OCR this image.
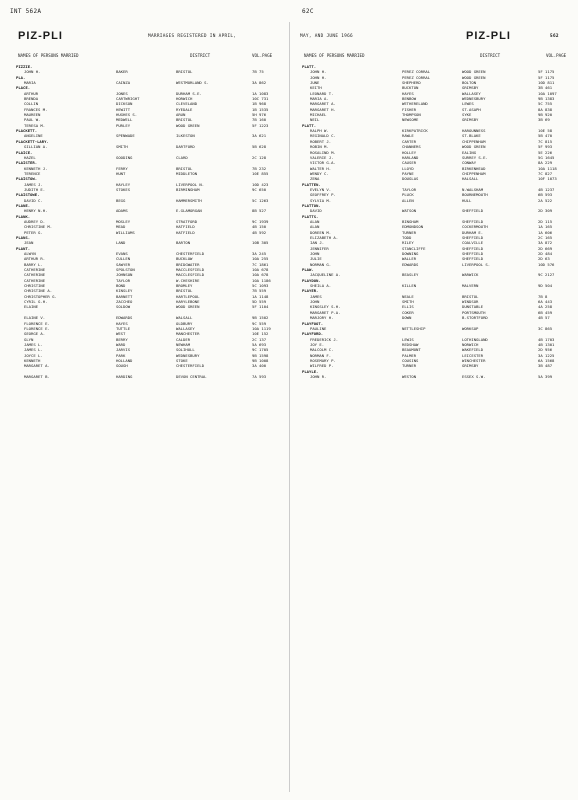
INT 562A	62C
PIZ-PLI	MARRIAGES REGISTERED IN APRIL,	MAY, AND JUNE 1966	PIZ-PLI	562
NAMES OF PERSONS MARRIED	DISTRICT	VOL.PAGE	NAMES OF PERSONS MARRIED	DISTRICT	VOL.PAGE
PIZZIE.
JOHN H.	BAKER	BRISTOL	7B 75
PLA.
MARIA	CAINZA	WESTMORLAND S.	3A 862
PLACE.
ARTHUR	JONES	DURHAM S.E.	1A 1083
BRENDA	CARTWRIGHT	HORWICH	10C 731
COLLIN	DICKSON	CLEVELAND	1B 968
FRANCES M.	HEWITT	RYEDALE	1B 1535
MAUREEN	HUGHES S.	ARUN	5H 976
PAUL W.	MEDWELL	BRISTOL	7B 160
TERESA M.	PURLEY	WOOD GREEN	5F 1223
PLACKETT.
ANGELINE	SPENWADE	ILKESTON	3A 621
PLACKETT-LARY.
GILLIAN A.	SMITH	DARTFORD	5B 628
PLAICE.
HAZEL	GOODING	CLARD	2C 128
PLAISTER.
KENNETH J.	FERRY	BRISTOL	7B 232
TERENCE	HUNT	MIDDLETON	10E 855
PLAISTOW.
JAMES J.	HAYLEY	LIVERPOOL N.	10D 423
JUDITH E.	STOKES	BIRMINGHAM	9C 650
PLAISTOWE.
DAVID C.	BEGG	HAMMERSMITH	5C 1263
PLANE.
HENRY N.H.	ADAMS	E.GLAMORGAN	8B 527
PLANK.
AUDREY D.	MOSLEY	STRATFORD	9C 1939
CHRISTINE M.	MEAD	HATFIELD	4B 150
PETER G.	WILLIAMS	HATFIELD	4B 592
PLANS.
JEAN	LAND	BARTON	10B 305
PLANT.
ALWYN	EVANS	CHESTERFIELD	3A 245
ARTHUR R.	CULLEN	BUCKLOW	10A 255
BARRY L.	SAWYER	BRIDGWATER	7C 1861
CATHERINE	SPOLSTON	MACCLESFIELD	10A 678
CATHERINE	JOHNSON	MACCLESFIELD	10A 678
CATHERINE	TAYLOR	W.CHESHIRE	10A 1186
CHRISTINE	BOND	BROMLEY	5C 1093
CHRISTINE A.	KINSLEY	BRISTOL	7B 559
CHRISTOPHER G.	BARNETT	HARTLEPOOL	1A 1148
CYRIL G.H.	ZACCHEO	HARYLEBONE	5D 559
ELAINE	SOLDOW	WOOD GREEN	5F 1104
ELAINE V.	EDWARDS	WALSALL	9B 1502
FLORENCE E.	HAYES	OLDBURY	9C 559
FLORENCE E.	TUTTLE	WALLASEY	10A 1119
GEORGE A.	WEST	MANCHESTER	10E 152
GLYN	BERRY	CALDER	2C 137
JAMES L.	WARD	NEWHAM	5A 693
JAMES L.	JARVIS	SOLIHULL	9C 1705
JOYCE L.	PARK	WEDNESBURY	9B 1598
KENNETH	HOLLAND	STOKE	9B 1008
MARGARET A.	GOUGH	CHESTERFIELD	3A 400
MARGARET B.	HARDING	DEVON CENTRAL	7A 593
PLATT.
JOHN H.	PEREZ CORRAL	WOOD GREEN	5F 1175
JOHN H.	PEREZ CORRAL	WOOD GREEN	5F 1175
JUNE	SHEPHERD	BOLTON	10D 811
KEITH	BUCKTON	GRIMSBY	3B 461
LEONARD T.	HAYES	WALLASEY	10A 1097
MARIA A.	BENBOW	WEDNESBURY	9B 1383
MARGARET A.	WETHERELAND	LEWES	5C 755
MARGARET H.	FISHER	ST.ASAPH	8A 838
MICHAEL	THOMPSON	SYKE	9B 920
NEIL	NEWSOME	GRIMSBY	3B 69
PLATT.
RALPH W.	KIRKPATRICK	HAROUNNESS	10E 58
REGINALD C.	RAWLE	ST.BLAKE	5B 470
ROBERT J.	CARTER	CHIPPENHAM	7C 815
ROBIN M.	CHANNERS	WOOD GREEN	5F 993
ROSALIND M.	HOLLEY	EALING	5E 226
VALERIE J.	HARLAND	SURREY S.E.	5G 1645
VICTOR G.A.	CAUSER	CONWAY	8A 229
WALTER H.	LLOYD	BIRKENHEAD	10A 1118
WENDY C.	PAYNE	CHIPPENHAM	7C 827
ZENA	DOUGLAS	HALSALL	10F 1073
PLATTEN.
EVELYN V.	TAYLOR	N.WALSHAM	4B 1237
GEOFFREY P.	PLUCK	BOURNEMOUTH	6B 593
SYLVIA M.	ALLEN	HULL	2A 522
PLATTON.
DAVID	WATSON	SHEFFIELD	2D 309
PLATTS.
ALAN	BINGHAM	SHEFFIELD	2D 115
ALAN	EDMONDSON	COCKERMOUTH	1A 165
DOREEN M.	TURNER	DURHAM E.	1A 606
ELIZABETH A.	TODD	SHEFFIELD	2C 165
IAN J.	RILEY	COALVILLE	3A 872
JENNIFER	STANCLIFFE	SHEFFIELD	2D 669
JOHN	DOWNING	SHEFFIELD	2D 484
JULIE	WALLER	SHEFFIELD	2D 63
NORMAN G.	EDWARDS	LIVERPOOL S.	10D 576
PLAW.
JACQUELINE A.	BEASLEY	WARWICK	9C 2127
PLAYDON.
SHEILA A.	KILLEN	MALVERN	9D 504
PLAYER.
JAMES	NEALE	BRISTOL	7B 8
JOHN	SMITH	WINDSOR	6A 443
KINGSLEY S.H.	ELLIS	DUNSTABLE	4A 258
MARGARET P.A.	COKER	PORTSMOUTH	6B 459
MARJORY H.	DOWN	B.STORTFORD	4B 57
PLAYFOOT.
PAULINE	NETTLESHIP	WORKSOP	3C 865
PLAYFORD.
FREDERICK J.	LEWIS	LOTHINGLAND	4B 1703
JOY E.	REDSHAW	NORWICH	4B 1301
MALCOLM C.	BEAUMONT	WAKEFIELD	2D 956
NORMAN F.	PALMER	LEICESTER	3A 1225
ROSEMARY P.	COUSINS	WINCHESTER	6A 1568
WILFRED P.	TURNER	GRIMSBY	3B 487
PLAYLE.
JOHN R.	WESTON	ESSEX S.W.	5A 399
